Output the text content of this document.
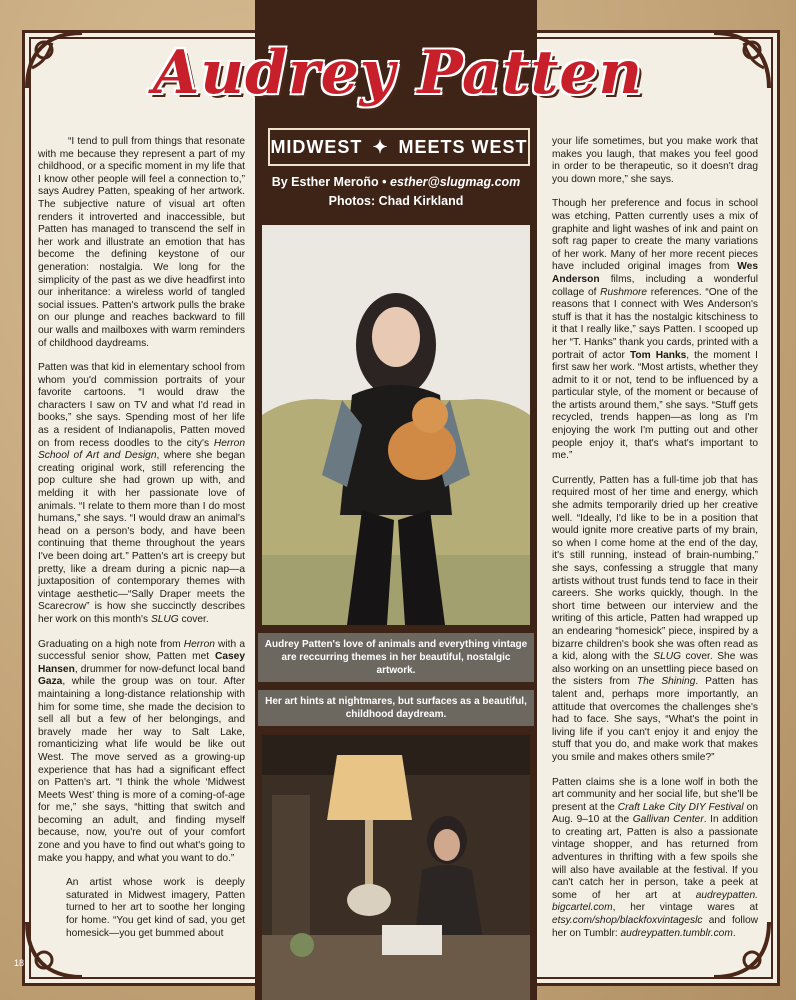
Audrey Patten
MIDWEST ✦ MEETS WEST
By Esther Meroño • esther@slugmag.com
Photos: Chad Kirkland
Audrey Patten's love of animals and everything vintage are reccurring themes in her beautiful, nostalgic artwork.
Her art hints at nightmares, but surfaces as a beautiful, childhood daydream.

“I tend to pull from things that resonate with me because they represent a part of my childhood, or a specific moment in my life that I know other people will feel a connection to,” says Audrey Patten, speaking of her artwork. The subjective nature of visual art often renders it introverted and inaccessible, but Patten has managed to transcend the self in her work and illustrate an emotion that has become the defining keystone of our generation: nostalgia. We long for the simplicity of the past as we dive headfirst into our inheritance: a wireless world of tangled social issues. Patten's artwork pulls the brake on our plunge and reaches backward to fill our walls and mailboxes with warm reminders of childhood daydreams.

Patten was that kid in elementary school from whom you'd commission portraits of your favorite cartoons. “I would draw the characters I saw on TV and what I'd read in books,” she says. Spending most of her life as a resident of Indianapolis, Patten moved on from recess doodles to the city's Herron School of Art and Design, where she began creating original work, still referencing the pop culture she had grown up with, and melding it with her passionate love of animals. “I relate to them more than I do most humans,” she says. “I would draw an animal's head on a person's body, and have been continuing that theme throughout the years I've been doing art.” Patten's art is creepy but pretty, like a dream during a picnic nap—a juxtaposition of contemporary themes with vintage aesthetic—“Sally Draper meets the Scarecrow” is how she succinctly describes her work on this month's SLUG cover.

Graduating on a high note from Herron with a successful senior show, Patten met Casey Hansen, drummer for now-defunct local band Gaza, while the group was on tour. After maintaining a long-distance relationship with him for some time, she made the decision to sell all but a few of her belongings, and bravely made her way to Salt Lake, romanticizing what life would be like out West. The move served as a growing-up experience that has had a significant effect on Patten's art. “I think the whole ‘Midwest Meets West’ thing is more of a coming-of-age for me,” she says, “hitting that switch and becoming an adult, and finding myself because, now, you're out of your comfort zone and you have to find out what's going to make you happy, and what you want to do.”

An artist whose work is deeply saturated in Midwest imagery, Patten turned to her art to soothe her longing for home. “You get kind of sad, you get homesick—you get bummed about

your life sometimes, but you make work that makes you laugh, that makes you feel good in order to be therapeutic, so it doesn't drag you down more,” she says.

Though her preference and focus in school was etching, Patten currently uses a mix of graphite and light washes of ink and paint on soft rag paper to create the many variations of her work. Many of her more recent pieces have included original images from Wes Anderson films, including a wonderful collage of Rushmore references. “One of the reasons that I connect with Wes Anderson's stuff is that it has the nostalgic kitschiness to it that I really like,” says Patten. I scooped up her “T. Hanks” thank you cards, printed with a portrait of actor Tom Hanks, the moment I first saw her work. “Most artists, whether they admit to it or not, tend to be influenced by a particular style, of the moment or because of the artists around them,” she says. “Stuff gets recycled, trends happen—as long as I'm enjoying the work I'm putting out and other people enjoy it, that's what's important to me.”

Currently, Patten has a full-time job that has required most of her time and energy, which she admits temporarily dried up her creative well. “Ideally, I'd like to be in a position that would ignite more creative parts of my brain, so when I come home at the end of the day, it's still running, instead of brain-numbing,” she says, confessing a struggle that many artists without trust funds tend to face in their careers. She works quickly, though. In the short time between our interview and the writing of this article, Patten had wrapped up an endearing “homesick” piece, inspired by a bizarre children's book she was often read as a kid, along with the SLUG cover. She was also working on an unsettling piece based on the sisters from The Shining. Patten has talent and, perhaps more importantly, an attitude that overcomes the challenges she's had to face. She says, “What's the point in living life if you can't enjoy it and enjoy the stuff that you do, and make work that makes you smile and makes others smile?”

Patten claims she is a lone wolf in both the art community and her social life, but she'll be present at the Craft Lake City DIY Festival on Aug. 9–10 at the Gallivan Center. In addition to creating art, Patten is also a passionate vintage shopper, and has returned from adventures in thrifting with a few spoils she will also have available at the festival. If you can't catch her in person, take a peek at some of her art at audreypatten. bigcartel.com, her vintage wares at etsy.com/shop/blackfoxvintageslc and follow her on Tumblr: audreypatten.tumblr.com.

18
